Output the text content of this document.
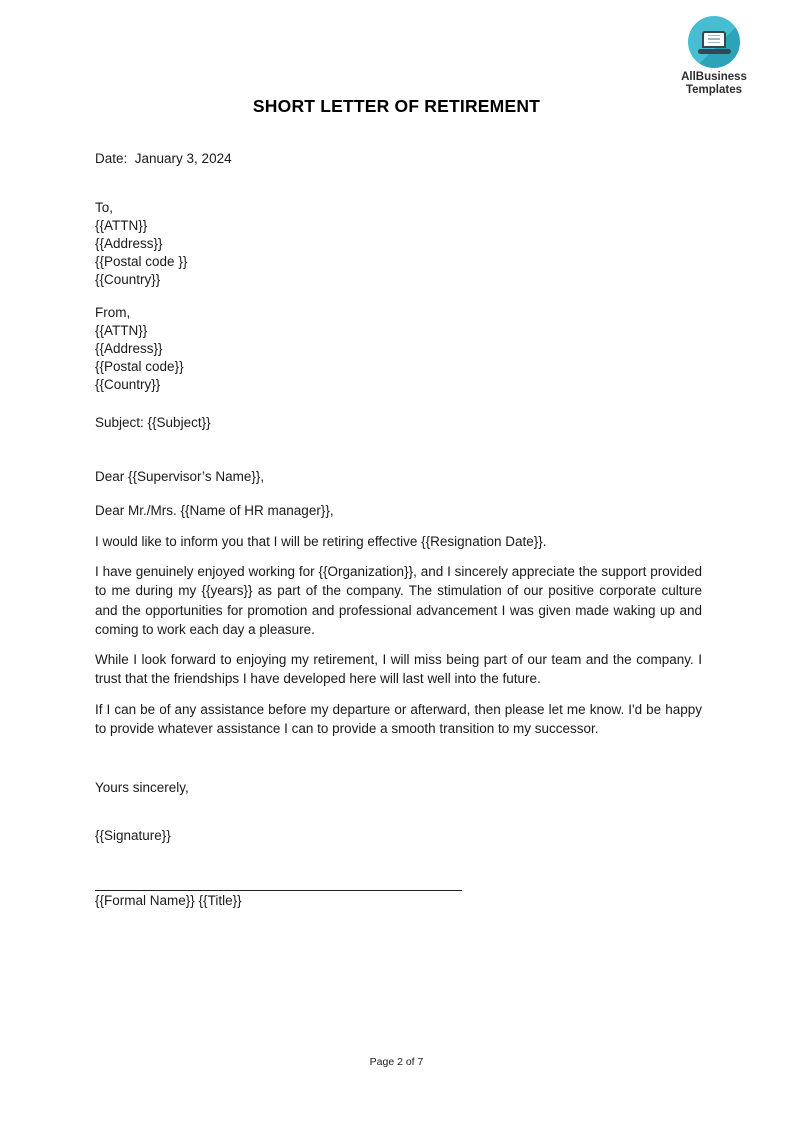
AllBusiness
Templates
SHORT LETTER OF RETIREMENT
Date:  January 3, 2024
To,
{{ATTN}}
{{Address}}
{{Postal code }}
{{Country}}
From,
{{ATTN}}
{{Address}}
{{Postal code}}
{{Country}}
Subject: {{Subject}}
Dear {{Supervisor’s Name}},
Dear Mr./Mrs. {{Name of HR manager}},
I would like to inform you that I will be retiring effective {{Resignation Date}}.
I have genuinely enjoyed working for {{Organization}}, and I sincerely appreciate the support provided to me during my {{years}} as part of the company. The stimulation of our positive corporate culture and the opportunities for promotion and professional advancement I was given made waking up and coming to work each day a pleasure.
While I look forward to enjoying my retirement, I will miss being part of our team and the company. I trust that the friendships I have developed here will last well into the future.
If I can be of any assistance before my departure or afterward, then please let me know. I'd be happy to provide whatever assistance I can to provide a smooth transition to my successor.
Yours sincerely,
{{Signature}}
{{Formal Name}} {{Title}}
Page 2 of 7
